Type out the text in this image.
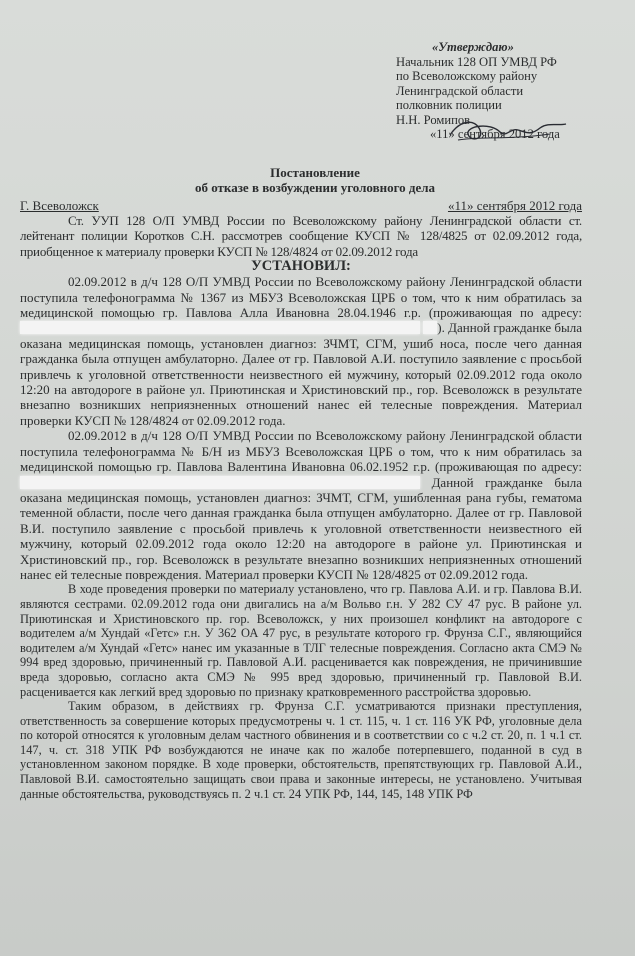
«Утверждаю»
Начальник 128 ОП УМВД РФ
по Всеволожскому району
Ленинградской области
полковник полиции
Н.Н. Ромипов
«11» сентября 2012 года
Постановление
об отказе в возбуждении уголовного дела
Г. Всеволожск	«11» сентября 2012 года

Ст. УУП 128 О/П УМВД России по Всеволожскому району Ленинградской области ст. лейтенант полиции Коротков С.Н. рассмотрев сообщение КУСП № 128/4825 от 02.09.2012 года, приобщенное к материалу проверки КУСП № 128/4824 от 02.09.2012 года

УСТАНОВИЛ:

02.09.2012 в д/ч 128 О/П УМВД России по Всеволожскому району Ленинградской области поступила телефонограмма № 1367 из МБУЗ Всеволожская ЦРБ о том, что к ним обратилась за медицинской помощью гр. Павлова Алла Ивановна 28.04.1946 г.р. (проживающая по адресу:  ). Данной гражданке была оказана медицинская помощь, установлен диагноз: ЗЧМТ, СГМ, ушиб носа, после чего данная гражданка была отпущен амбулаторно. Далее от гр. Павловой А.И. поступило заявление с просьбой привлечь к уголовной ответственности неизвестного ей мужчину, который 02.09.2012 года около 12:20 на автодороге в районе ул. Приютинская и Христиновский пр., гор. Всеволожск в результате внезапно возникших неприязненных отношений нанес ей телесные повреждения. Материал проверки КУСП № 128/4824 от 02.09.2012 года.

02.09.2012 в д/ч 128 О/П УМВД России по Всеволожскому району Ленинградской области поступила телефонограмма № Б/Н из МБУЗ Всеволожская ЦРБ о том, что к ним обратилась за медицинской помощью гр. Павлова Валентина Ивановна 06.02.1952 г.р. (проживающая по адресу:  Данной гражданке была оказана медицинская помощь, установлен диагноз: ЗЧМТ, СГМ, ушибленная рана губы, гематома теменной области, после чего данная гражданка была отпущен амбулаторно. Далее от гр. Павловой В.И. поступило заявление с просьбой привлечь к уголовной ответственности неизвестного ей мужчину, который 02.09.2012 года около 12:20 на автодороге в районе ул. Приютинская и Христиновский пр., гор. Всеволожск в результате внезапно возникших неприязненных отношений нанес ей телесные повреждения. Материал проверки КУСП № 128/4825 от 02.09.2012 года.

В ходе проведения проверки по материалу установлено, что гр. Павлова А.И. и гр. Павлова В.И. являются сестрами. 02.09.2012 года они двигались на а/м Вольво г.н. У 282 СУ 47 рус. В районе ул. Приютинская и Христиновского пр. гор. Всеволожск, у них произошел конфликт на автодороге с водителем а/м Хундай «Гетс» г.н. У 362 ОА 47 рус, в результате которого гр. Фрунза С.Г., являющийся водителем а/м Хундай «Гетс» нанес им указанные в ТЛГ телесные повреждения. Согласно акта СМЭ № 994 вред здоровью, причиненный гр. Павловой А.И. расценивается как повреждения, не причинившие вреда здоровью, согласно акта СМЭ № 995 вред здоровью, причиненный гр. Павловой В.И. расценивается как легкий вред здоровью по признаку кратковременного расстройства здоровью.

Таким образом, в действиях гр. Фрунза С.Г. усматриваются признаки преступления, ответственность за совершение которых предусмотрены ч. 1 ст. 115, ч. 1 ст. 116 УК РФ, уголовные дела по которой относятся к уголовным делам частного обвинения и в соответствии со с ч.2 ст. 20, п. 1 ч.1 ст. 147, ч. ст. 318 УПК РФ возбуждаются не иначе как по жалобе потерпевшего, поданной в суд в установленном законом порядке. В ходе проверки, обстоятельств, препятствующих гр. Павловой А.И., Павловой В.И. самостоятельно защищать свои права и законные интересы, не установлено. Учитывая данные обстоятельства, руководствуясь п. 2 ч.1 ст. 24 УПК РФ, 144, 145, 148 УПК РФ
